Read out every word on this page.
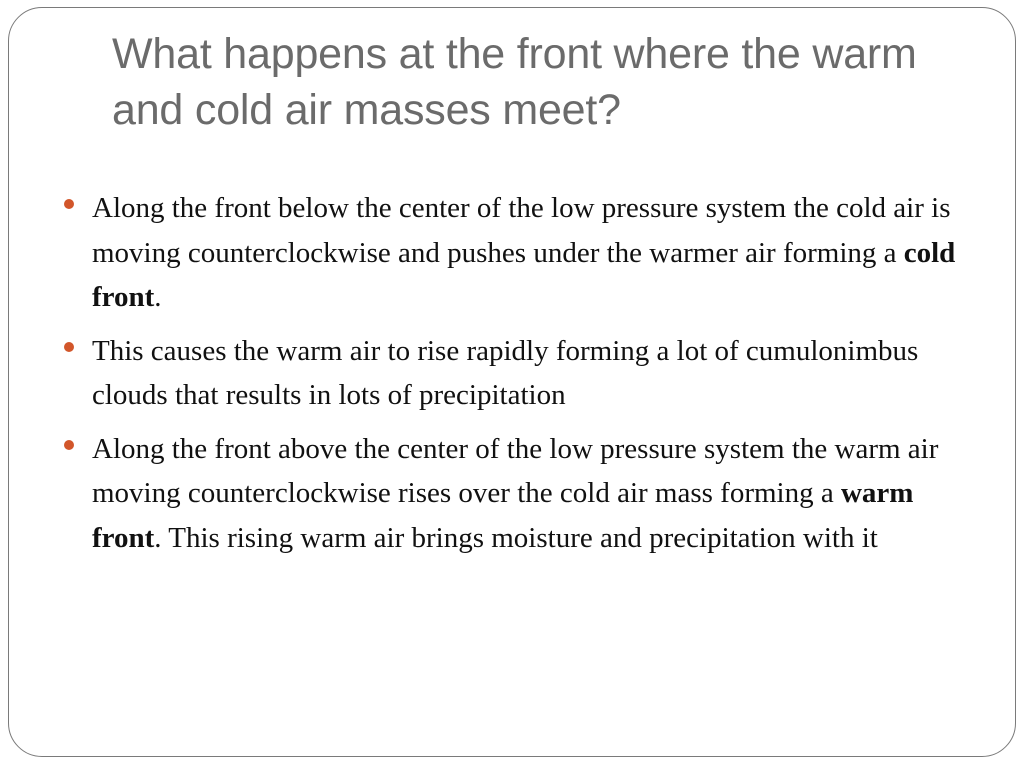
What happens at the front where the warm and cold air masses meet?
Along the front below the center of the low pressure system the cold air is moving counterclockwise and pushes under the warmer air forming a cold front.
This causes the warm air to rise rapidly forming a lot of cumulonimbus clouds that results in lots of precipitation
Along the front above the center of the low pressure system the warm air moving counterclockwise rises over the cold air mass forming a warm front. This rising warm air brings moisture and precipitation with it
